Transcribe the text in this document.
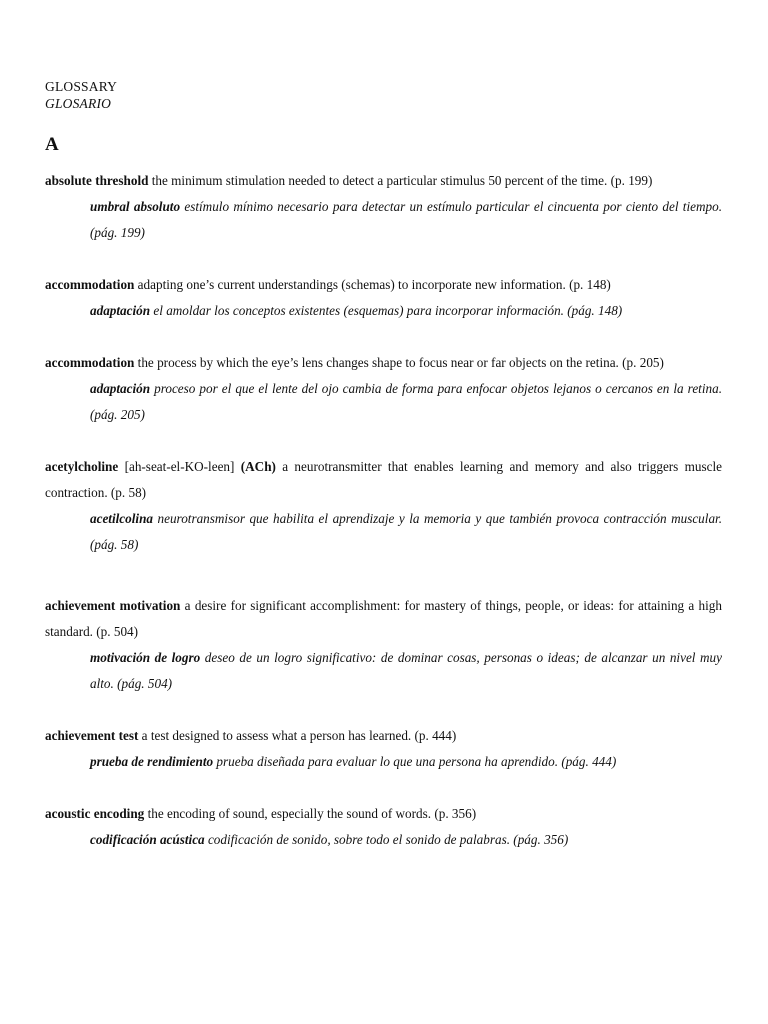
GLOSSARY
GLOSARIO
A
absolute threshold the minimum stimulation needed to detect a particular stimulus 50 percent of the time. (p. 199)
umbral absoluto estímulo mínimo necesario para detectar un estímulo particular el cincuenta por ciento del tiempo. (pág. 199)
accommodation adapting one’s current understandings (schemas) to incorporate new information. (p. 148)
adaptación el amoldar los conceptos existentes (esquemas) para incorporar información. (pág. 148)
accommodation the process by which the eye’s lens changes shape to focus near or far objects on the retina. (p. 205)
adaptación proceso por el que el lente del ojo cambia de forma para enfocar objetos lejanos o cercanos en la retina. (pág. 205)
acetylcholine [ah-seat-el-KO-leen] (ACh) a neurotransmitter that enables learning and memory and also triggers muscle contraction. (p. 58)
acetilcolina neurotransmisor que habilita el aprendizaje y la memoria y que también provoca contracción muscular. (pág. 58)
achievement motivation a desire for significant accomplishment: for mastery of things, people, or ideas: for attaining a high standard. (p. 504)
motivación de logro deseo de un logro significativo: de dominar cosas, personas o ideas; de alcanzar un nivel muy alto. (pág. 504)
achievement test a test designed to assess what a person has learned. (p. 444)
prueba de rendimiento prueba diseñada para evaluar lo que una persona ha aprendido. (pág. 444)
acoustic encoding the encoding of sound, especially the sound of words. (p. 356)
codificación acústica codificación de sonido, sobre todo el sonido de palabras. (pág. 356)
